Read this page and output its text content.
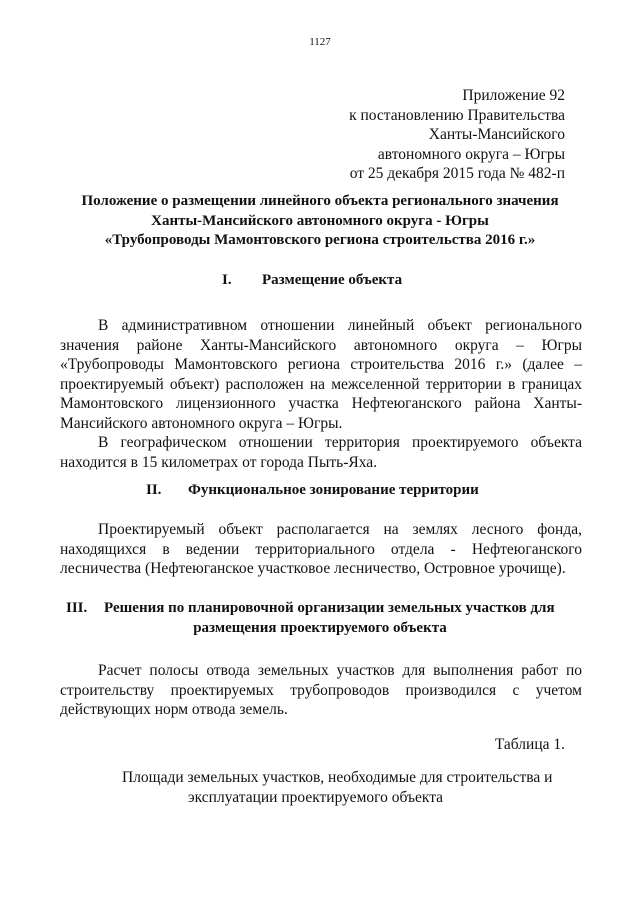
1127
Приложение 92
к постановлению Правительства
Ханты-Мансийского
автономного округа – Югры
от 25 декабря 2015 года № 482-п
Положение о размещении линейного объекта регионального значения
Ханты-Мансийского автономного округа - Югры
«Трубопроводы Мамонтовского региона строительства 2016 г.»
I. Размещение объекта
В административном отношении линейный объект регионального
значения районе Ханты-Мансийского автономного округа – Югры
«Трубопроводы Мамонтовского региона строительства 2016 г.» (далее –
проектируемый объект) расположен на межселенной территории в границах
Мамонтовского лицензионного участка Нефтеюганского района Ханты-
Мансийского автономного округа – Югры.
В географическом отношении территория проектируемого объекта
находится в 15 километрах от города Пыть-Яха.
II. Функциональное зонирование территории
Проектируемый объект располагается на землях лесного фонда,
находящихся в ведении территориального отдела - Нефтеюганского
лесничества (Нефтеюганское участковое лесничество, Островное урочище).
III. Решения по планировочной организации земельных участков для
размещения проектируемого объекта
Расчет полосы отвода земельных участков для выполнения работ по
строительству проектируемых трубопроводов производился с учетом
действующих норм отвода земель.
Таблица 1.
Площади земельных участков, необходимые для строительства и
эксплуатации проектируемого объекта
